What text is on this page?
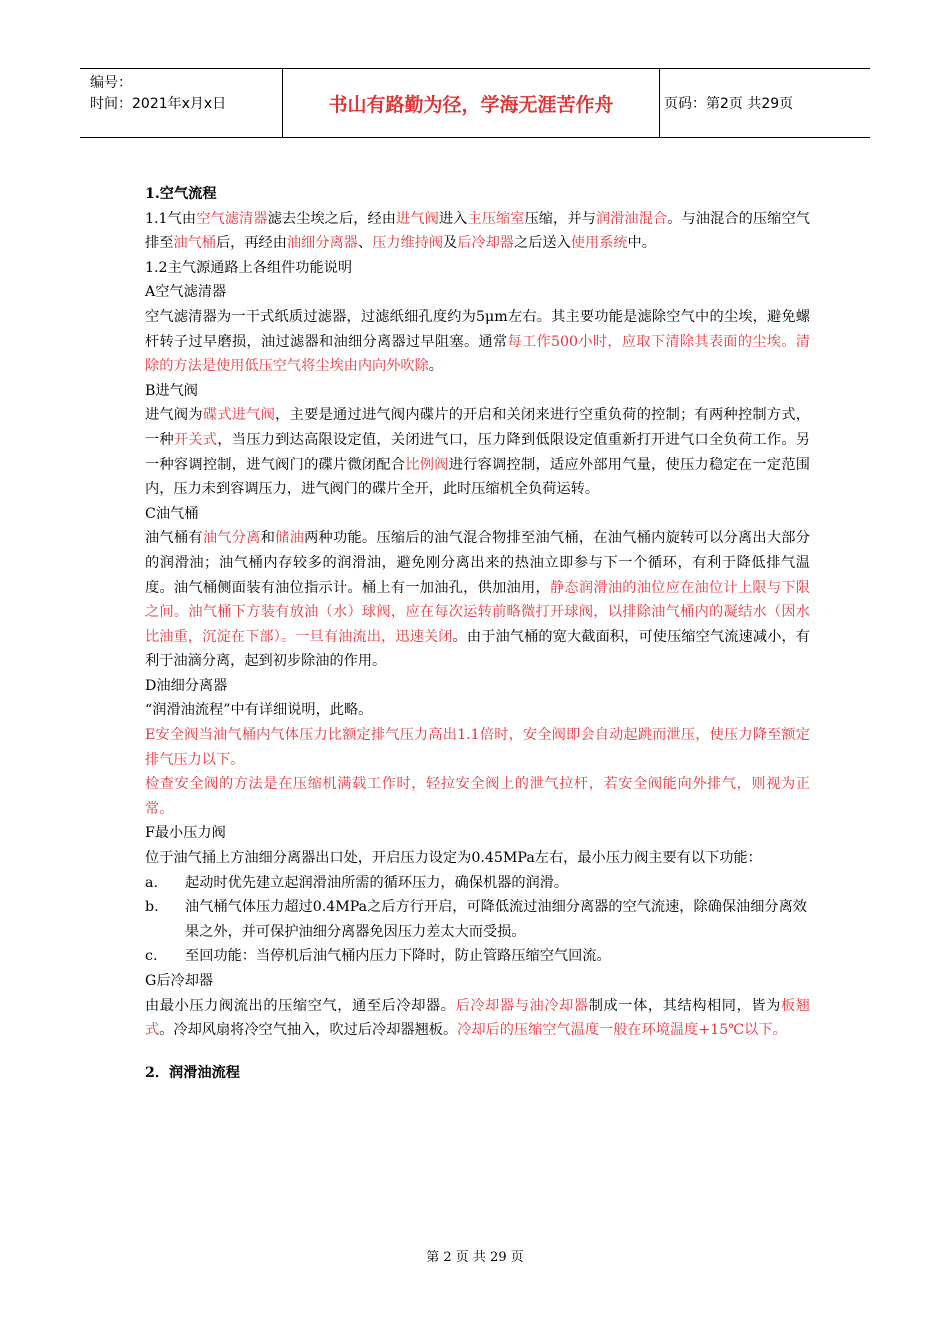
编号：
时间：2021年x月x日	书山有路勤为径，学海无涯苦作舟	页码：第2页 共29页

1.空气流程

1.1气由空气滤清器滤去尘埃之后，经由进气阀进入主压缩室压缩，并与润滑油混合。与油混合的压缩空气排至油气桶后，再经由油细分离器、压力维持阀及后冷却器之后送入使用系统中。

1.2主气源通路上各组件功能说明

A空气滤清器

空气滤清器为一干式纸质过滤器，过滤纸细孔度约为5μm左右。其主要功能是滤除空气中的尘埃，避免螺杆转子过早磨损，油过滤器和油细分离器过早阻塞。通常每工作500小时，应取下清除其表面的尘埃。清除的方法是使用低压空气将尘埃由内向外吹除。

B进气阀

进气阀为碟式进气阀，主要是通过进气阀内碟片的开启和关闭来进行空重负荷的控制；有两种控制方式，一种开关式，当压力到达高限设定值，关闭进气口，压力降到低限设定值重新打开进气口全负荷工作。另一种容调控制，进气阀门的碟片微闭配合比例阀进行容调控制，适应外部用气量，使压力稳定在一定范围内，压力未到容调压力，进气阀门的碟片全开，此时压缩机全负荷运转。

C油气桶

油气桶有油气分离和储油两种功能。压缩后的油气混合物排至油气桶，在油气桶内旋转可以分离出大部分的润滑油；油气桶内存较多的润滑油，避免刚分离出来的热油立即参与下一个循环，有利于降低排气温度。油气桶侧面装有油位指示计。桶上有一加油孔，供加油用，静态润滑油的油位应在油位计上限与下限之间。油气桶下方装有放油（水）球阀，应在每次运转前略微打开球阀，以排除油气桶内的凝结水（因水比油重，沉淀在下部）。一旦有油流出，迅速关闭。由于油气桶的宽大截面积，可使压缩空气流速减小，有利于油滴分离，起到初步除油的作用。

D油细分离器

“润滑油流程”中有详细说明，此略。

E安全阀当油气桶内气体压力比额定排气压力高出1.1倍时，安全阀即会自动起跳而泄压，使压力降至额定排气压力以下。

检查安全阀的方法是在压缩机满载工作时，轻拉安全阀上的泄气拉杆，若安全阀能向外排气，则视为正常。

F最小压力阀

位于油气捅上方油细分离器出口处，开启压力设定为0.45MPa左右，最小压力阀主要有以下功能：

a.	起动时优先建立起润滑油所需的循环压力，确保机器的润滑。
b.	油气桶气体压力超过0.4MPa之后方行开启，可降低流过油细分离器的空气流速，除确保油细分离效果之外，并可保护油细分离器免因压力差太大而受损。
c.	至回功能：当停机后油气桶内压力下降时，防止管路压缩空气回流。

G后冷却器

由最小压力阀流出的压缩空气，通至后冷却器。后冷却器与油冷却器制成一体，其结构相同，皆为板翘式。冷却风扇将冷空气抽入，吹过后冷却器翘板。冷却后的压缩空气温度一般在环境温度+15℃以下。

2．润滑油流程

第 2 页 共 29 页
